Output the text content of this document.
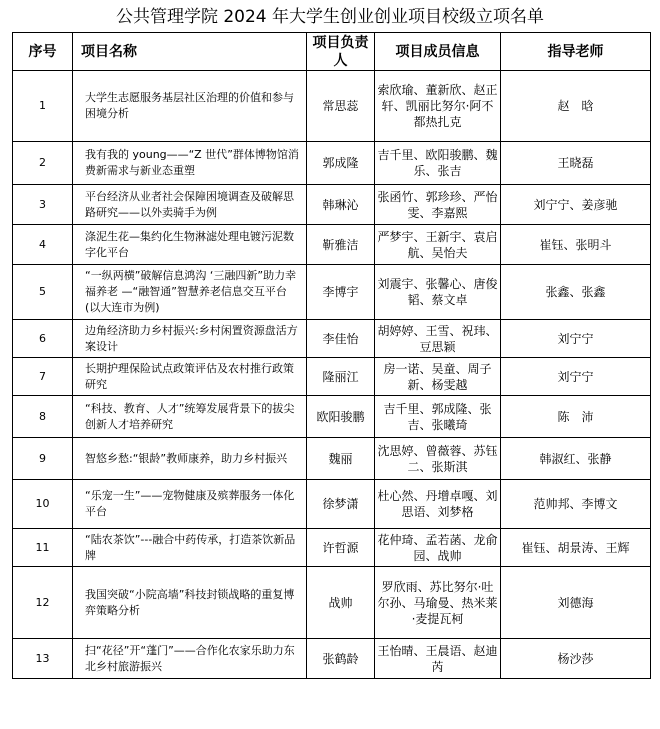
公共管理学院 2024 年大学生创业创业项目校级立项名单
序号	项目名称	项目负责人	项目成员信息	指导老师
1	大学生志愿服务基层社区治理的价值和参与困境分析	常思蕊	索欣瑜、董新欣、赵正轩、凯丽比努尔·阿不都热扎克	赵　晗
2	我有我的 young——“Z 世代”群体博物馆消费新需求与新业态重塑	郭成隆	吉千里、欧阳骏鹏、魏乐、张吉	王晓磊
3	平台经济从业者社会保障困境调查及破解思路研究——以外卖骑手为例	韩琳沁	张函竹、郭珍珍、严怡雯、李嘉熙	刘宁宁、姜彦驰
4	涤泥生花—集约化生物淋滤处理电镀污泥数字化平台	靳雅洁	严梦宇、王新宇、袁启航、吴怡夫	崔钰、张明斗
5	“一纵两横”破解信息鸿沟 ‘三融四新”助力幸福养老 —“融智通”智慧养老信息交互平台(以大连市为例)	李博宇	刘震宇、张馨心、唐俊韬、蔡文卓	张鑫、张鑫
6	边角经济助力乡村振兴:乡村闲置资源盘活方案设计	李佳怡	胡婷婷、王雪、祝玮、豆思颖	刘宁宁
7	长期护理保险试点政策评估及农村推行政策研究	隆丽江	房一诺、吴童、周子新、杨雯越	刘宁宁
8	“科技、教育、人才”统筹发展背景下的拔尖创新人才培养研究	欧阳骏鹏	吉千里、郭成隆、张吉、张曦琦	陈　沛
9	智悠乡愁:“银龄”教师康养，助力乡村振兴	魏丽	沈思婷、曾薇蓉、苏钰二、张斯淇	韩淑红、张静
10	“乐宠一生”——宠物健康及殡葬服务一体化平台	徐梦潇	杜心然、丹增卓嘎、刘思语、刘梦格	范帅邦、李博文
11	“陆农茶饮”---融合中药传承，打造茶饮新品牌	许哲源	花仲琦、孟若菡、龙俞园、战帅	崔钰、胡景涛、王辉
12	我国突破“小院高墙”科技封锁战略的重复博弈策略分析	战帅	罗欣雨、苏比努尔·吐尔孙、马瑜曼、热米莱·麦提瓦柯	刘德海
13	扫“花径”开“蓬门”——合作化农家乐助力东北乡村旅游振兴	张鹤龄	王怡晴、王晨语、赵迪芮	杨沙莎
